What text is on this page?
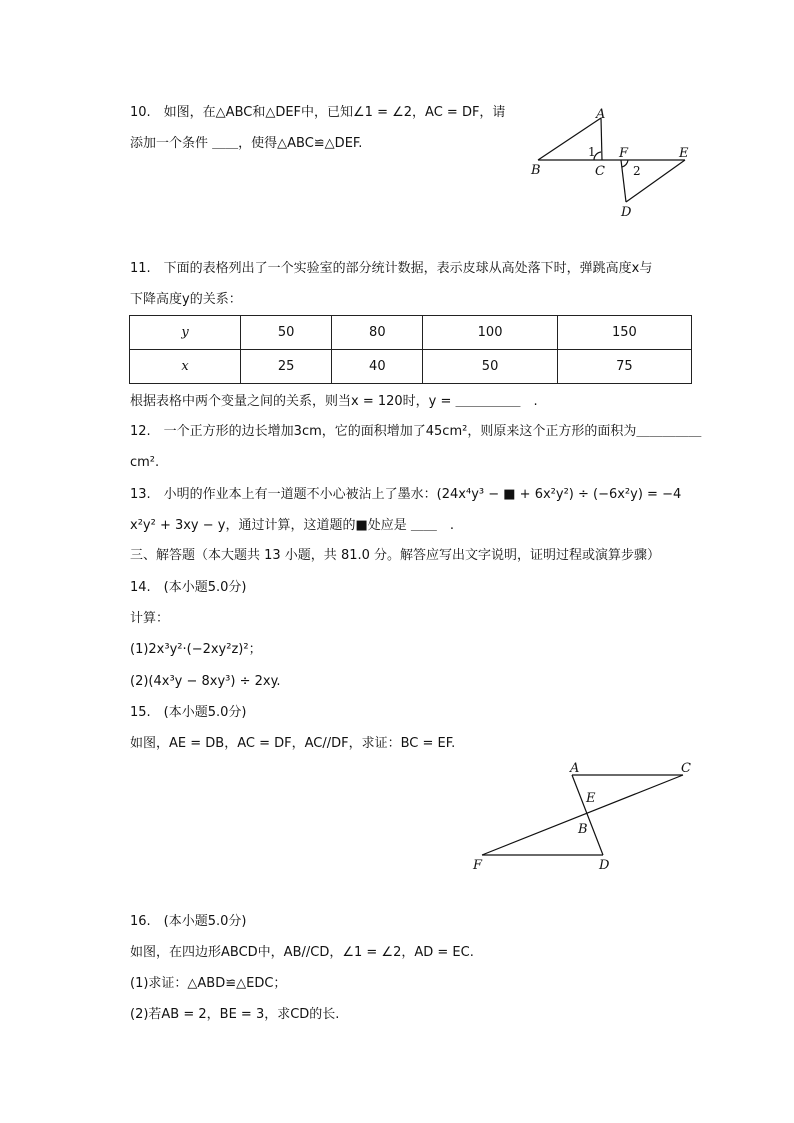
10.　如图，在△ABC和△DEF中，已知∠1 = ∠2，AC = DF，请
添加一个条件 ＿＿，使得△ABC≌△DEF.
A
B	C
F	E
D
1
2
11.　下面的表格列出了一个实验室的部分统计数据，表示皮球从高处落下时，弹跳高度x与
下降高度y的关系：
y	50	80	100	150
x	25	40	50	75
根据表格中两个变量之间的关系，则当x = 120时，y = ＿＿＿＿＿　.
12.　一个正方形的边长增加3cm，它的面积增加了45cm²，则原来这个正方形的面积为＿＿＿＿＿
cm².
13.　小明的作业本上有一道题不小心被沾上了墨水：(24x⁴y³ − ■ + 6x²y²) ÷ (−6x²y) = −4
x²y² + 3xy − y，通过计算，这道题的■处应是 ＿＿　.
三、解答题（本大题共 13 小题，共 81.0 分。解答应写出文字说明，证明过程或演算步骤）
14.　(本小题5.0分)
计算：
(1)2x³y²·(−2xy²z)²；
(2)(4x³y − 8xy³) ÷ 2xy.
15.　(本小题5.0分)
如图，AE = DB，AC = DF，AC//DF，求证：BC = EF.
A	C
E
B
F	D
16.　(本小题5.0分)
如图，在四边形ABCD中，AB//CD，∠1 = ∠2，AD = EC.
(1)求证：△ABD≌△EDC；
(2)若AB = 2，BE = 3，求CD的长.
